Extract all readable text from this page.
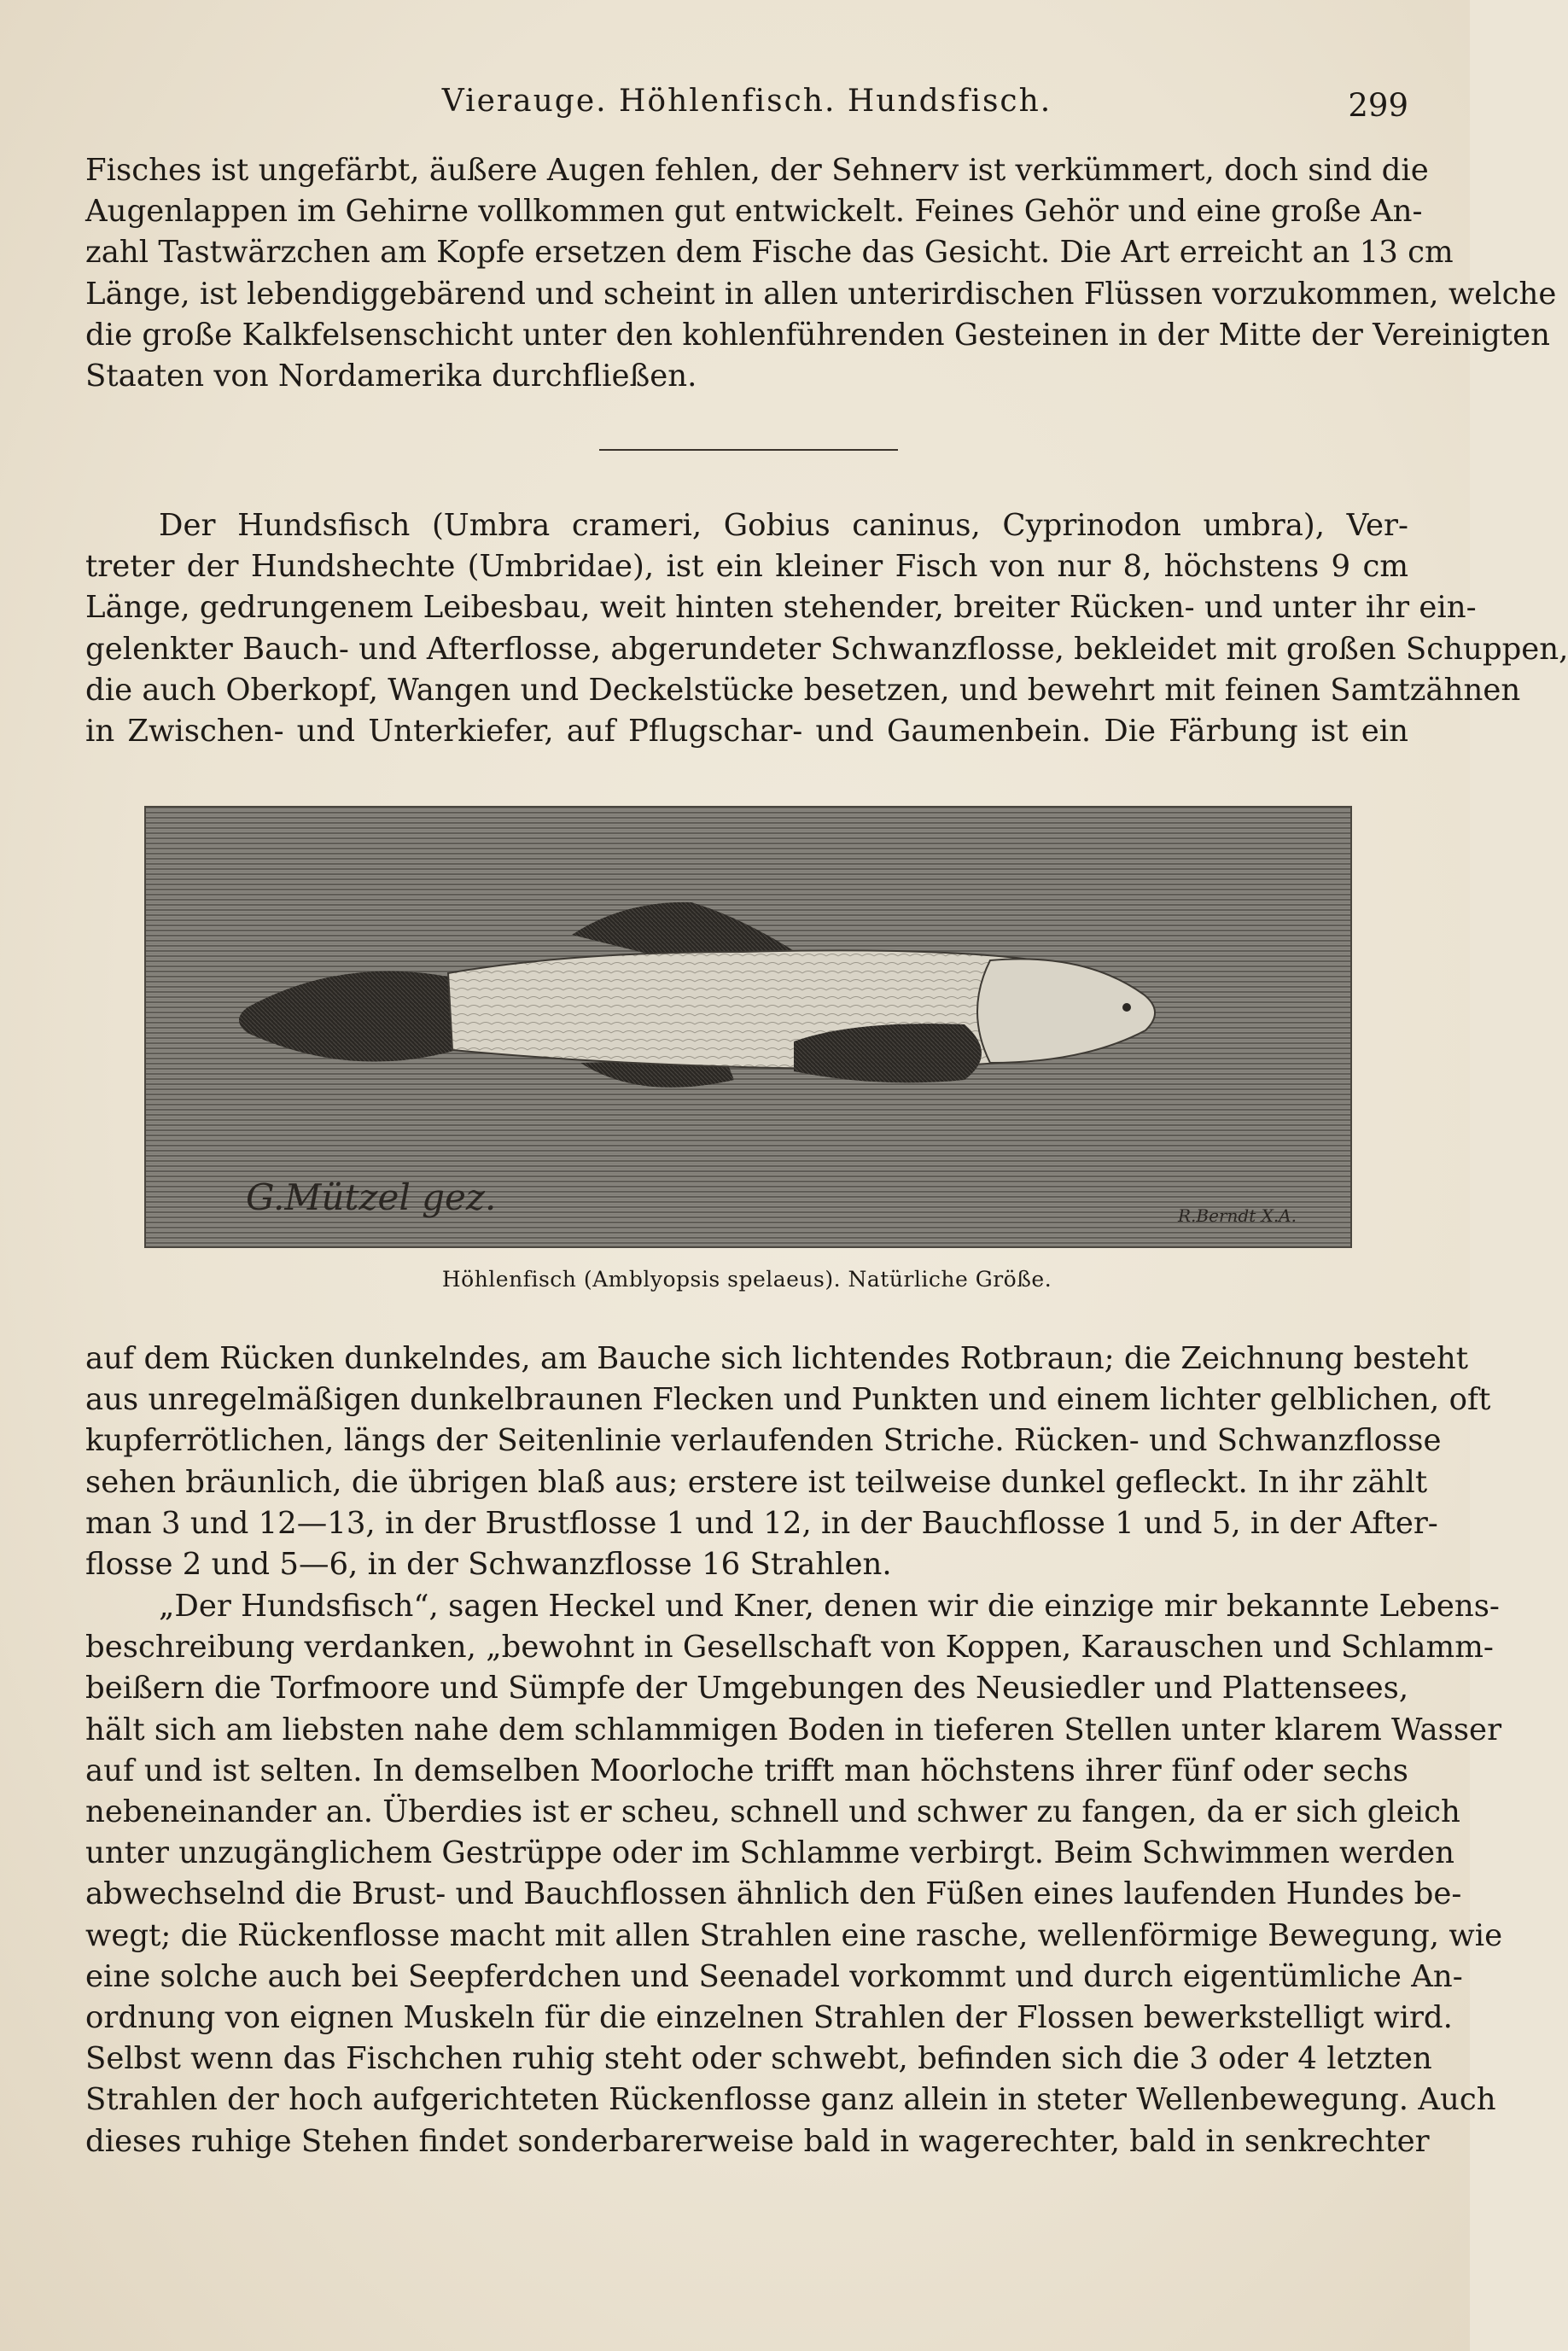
Vierauge. Höhlenfisch. Hundsfisch.	299
Fisches ist ungefärbt, äußere Augen fehlen, der Sehnerv ist verkümmert, doch sind die
Augenlappen im Gehirne vollkommen gut entwickelt. Feines Gehör und eine große An-
zahl Tastwärzchen am Kopfe ersetzen dem Fische das Gesicht. Die Art erreicht an 13 cm
Länge, ist lebendiggebärend und scheint in allen unterirdischen Flüssen vorzukommen, welche
die große Kalkfelsenschicht unter den kohlenführenden Gesteinen in der Mitte der Vereinigten
Staaten von Nordamerika durchfließen.
Der Hundsfisch (Umbra crameri, Gobius caninus, Cyprinodon umbra), Ver-
treter der Hundshechte (Umbridae), ist ein kleiner Fisch von nur 8, höchstens 9 cm
Länge, gedrungenem Leibesbau, weit hinten stehender, breiter Rücken- und unter ihr ein-
gelenkter Bauch- und Afterflosse, abgerundeter Schwanzflosse, bekleidet mit großen Schuppen,
die auch Oberkopf, Wangen und Deckelstücke besetzen, und bewehrt mit feinen Samtzähnen
in Zwischen- und Unterkiefer, auf Pflugschar- und Gaumenbein. Die Färbung ist ein
G.Mützel gez.	R.Berndt X.A.
Höhlenfisch (Amblyopsis spelaeus). Natürliche Größe.
auf dem Rücken dunkelndes, am Bauche sich lichtendes Rotbraun; die Zeichnung besteht
aus unregelmäßigen dunkelbraunen Flecken und Punkten und einem lichter gelblichen, oft
kupferrötlichen, längs der Seitenlinie verlaufenden Striche. Rücken- und Schwanzflosse
sehen bräunlich, die übrigen blaß aus; erstere ist teilweise dunkel gefleckt. In ihr zählt
man 3 und 12—13, in der Brustflosse 1 und 12, in der Bauchflosse 1 und 5, in der After-
flosse 2 und 5—6, in der Schwanzflosse 16 Strahlen.
„Der Hundsfisch“, sagen Heckel und Kner, denen wir die einzige mir bekannte Lebens-
beschreibung verdanken, „bewohnt in Gesellschaft von Koppen, Karauschen und Schlamm-
beißern die Torfmoore und Sümpfe der Umgebungen des Neusiedler und Plattensees,
hält sich am liebsten nahe dem schlammigen Boden in tieferen Stellen unter klarem Wasser
auf und ist selten. In demselben Moorloche trifft man höchstens ihrer fünf oder sechs
nebeneinander an. Überdies ist er scheu, schnell und schwer zu fangen, da er sich gleich
unter unzugänglichem Gestrüppe oder im Schlamme verbirgt. Beim Schwimmen werden
abwechselnd die Brust- und Bauchflossen ähnlich den Füßen eines laufenden Hundes be-
wegt; die Rückenflosse macht mit allen Strahlen eine rasche, wellenförmige Bewegung, wie
eine solche auch bei Seepferdchen und Seenadel vorkommt und durch eigentümliche An-
ordnung von eignen Muskeln für die einzelnen Strahlen der Flossen bewerkstelligt wird.
Selbst wenn das Fischchen ruhig steht oder schwebt, befinden sich die 3 oder 4 letzten
Strahlen der hoch aufgerichteten Rückenflosse ganz allein in steter Wellenbewegung. Auch
dieses ruhige Stehen findet sonderbarerweise bald in wagerechter, bald in senkrechter
